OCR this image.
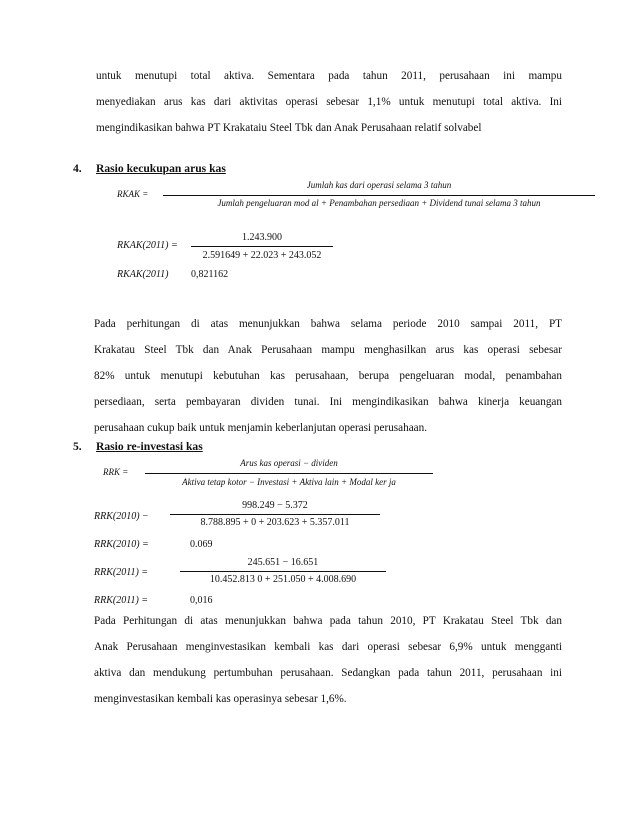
untuk menutupi total aktiva. Sementara pada tahun 2011, perusahaan ini mampu
menyediakan arus kas dari aktivitas operasi sebesar 1,1% untuk menutupi total aktiva. Ini
mengindikasikan bahwa PT Krakataiu Steel Tbk dan Anak Perusahaan relatif solvabel
4. Rasio kecukupan arus kas
RKAK =
Jumlah kas dari operasi selama 3 tahun
Jumlah pengeluaran mod al + Penambahan persediaan + Dividend tunai selama 3 tahun
RKAK(2011) =
1.243.900
2.591649 + 22.023 + 243.052
RKAK(2011) 0,821162
Pada perhitungan di atas menunjukkan bahwa selama periode 2010 sampai 2011, PT
Krakatau Steel Tbk dan Anak Perusahaan mampu menghasilkan arus kas operasi sebesar
82% untuk menutupi kebutuhan kas perusahaan, berupa pengeluaran modal, penambahan
persediaan, serta pembayaran dividen tunai. Ini mengindikasikan bahwa kinerja keuangan
perusahaan cukup baik untuk menjamin keberlanjutan operasi perusahaan.
5. Rasio re-investasi kas
RRK =
Arus kas operasi − dividen
Aktiva tetap kotor − Investasi + Aktiva lain + Modal ker ja
RRK(2010) −
998.249 − 5.372
8.788.895 + 0 + 203.623 + 5.357.011
RRK(2010) =	0.069
RRK(2011) =
245.651 − 16.651
10.452.813 0 + 251.050 + 4.008.690
RRK(2011) =	0,016
Pada Perhitungan di atas menunjukkan bahwa pada tahun 2010, PT Krakatau Steel Tbk dan
Anak Perusahaan menginvestasikan kembali kas dari operasi sebesar 6,9% untuk mengganti
aktiva dan mendukung pertumbuhan perusahaan. Sedangkan pada tahun 2011, perusahaan ini
menginvestasikan kembali kas operasinya sebesar 1,6%.
